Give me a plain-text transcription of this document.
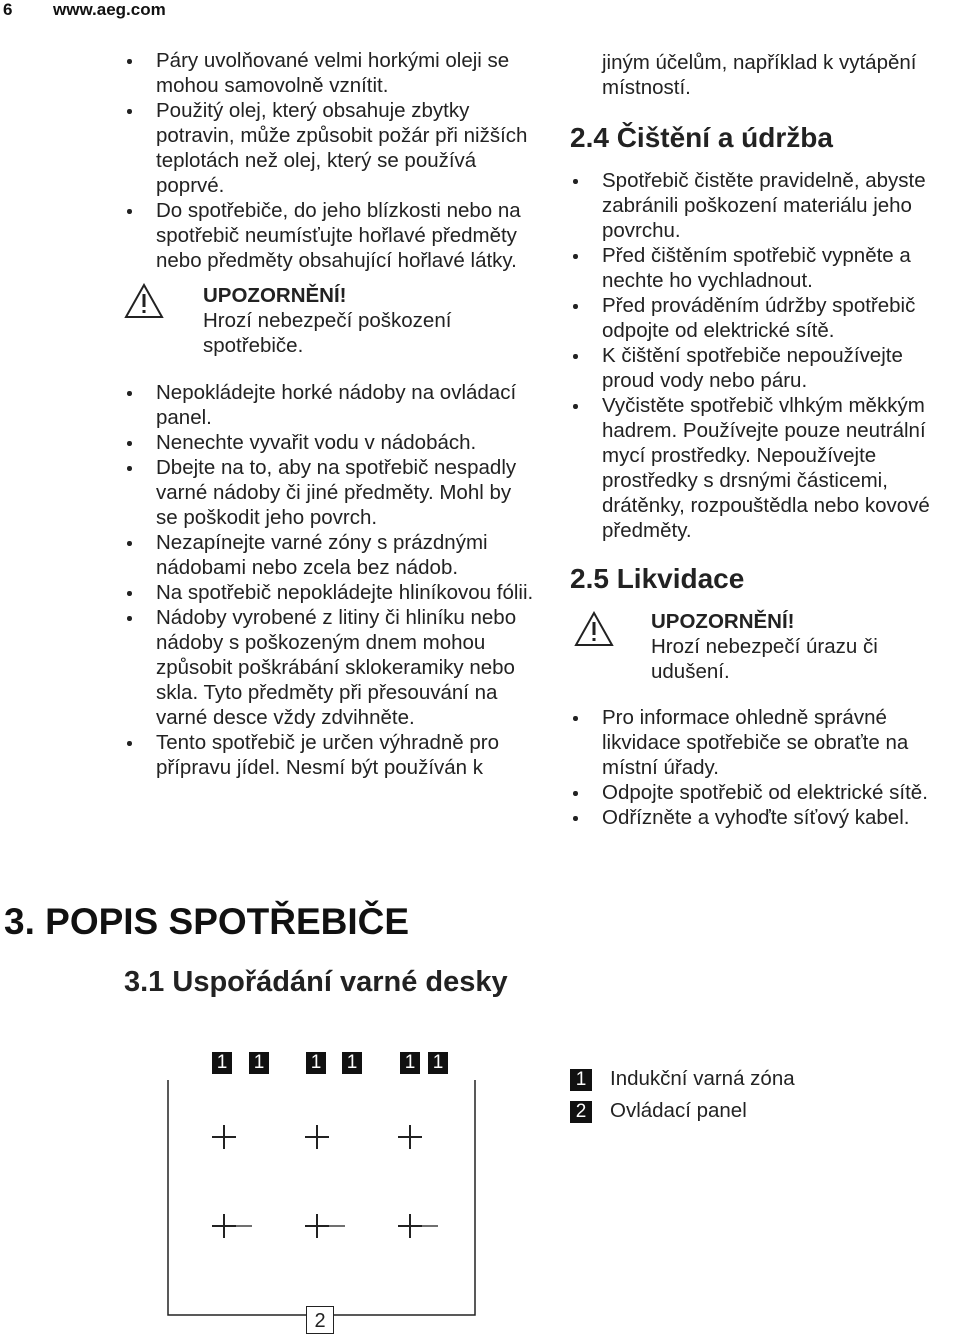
6 www.aeg.com
Páry uvolňované velmi horkými oleji se mohou samovolně vznítit.
Použitý olej, který obsahuje zbytky potravin, může způsobit požár při nižších teplotách než olej, který se používá poprvé.
Do spotřebiče, do jeho blízkosti nebo na spotřebič neumísťujte hořlavé předměty nebo předměty obsahující hořlavé látky.
UPOZORNĚNÍ!
Hrozí nebezpečí poškození spotřebiče.
Nepokládejte horké nádoby na ovládací panel.
Nenechte vyvařit vodu v nádobách.
Dbejte na to, aby na spotřebič nespadly varné nádoby či jiné předměty. Mohl by se poškodit jeho povrch.
Nezapínejte varné zóny s prázdnými nádobami nebo zcela bez nádob.
Na spotřebič nepokládejte hliníkovou fólii.
Nádoby vyrobené z litiny či hliníku nebo nádoby s poškozeným dnem mohou způsobit poškrábání sklokeramiky nebo skla. Tyto předměty při přesouvání na varné desce vždy zdvihněte.
Tento spotřebič je určen výhradně pro přípravu jídel. Nesmí být používán k
jiným účelům, například k vytápění místností.
2.4 Čištění a údržba
Spotřebič čistěte pravidelně, abyste zabránili poškození materiálu jeho povrchu.
Před čištěním spotřebič vypněte a nechte ho vychladnout.
Před prováděním údržby spotřebič odpojte od elektrické sítě.
K čištění spotřebiče nepoužívejte proud vody nebo páru.
Vyčistěte spotřebič vlhkým měkkým hadrem. Používejte pouze neutrální mycí prostředky. Nepoužívejte prostředky s drsnými částicemi, drátěnky, rozpouštědla nebo kovové předměty.
2.5 Likvidace
UPOZORNĚNÍ!
Hrozí nebezpečí úrazu či udušení.
Pro informace ohledně správné likvidace spotřebiče se obraťte na místní úřady.
Odpojte spotřebič od elektrické sítě.
Odřízněte a vyhoďte síťový kabel.
3. POPIS SPOTŘEBIČE
3.1 Uspořádání varné desky
1 1 1 1 1 1
2
1 Indukční varná zóna
2 Ovládací panel
